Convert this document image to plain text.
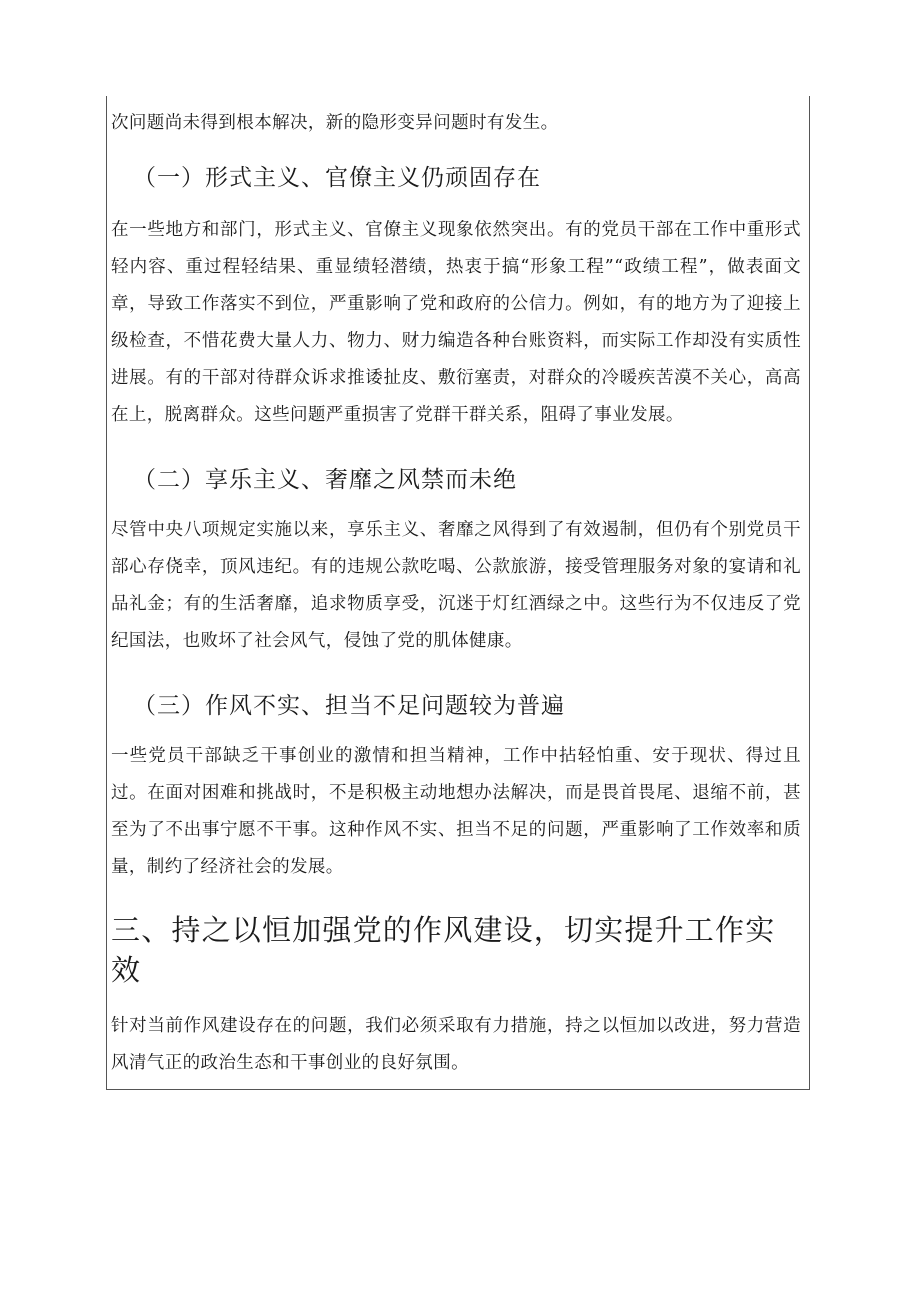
次问题尚未得到根本解决，新的隐形变异问题时有发生。

（一）形式主义、官僚主义仍顽固存在

在一些地方和部门，形式主义、官僚主义现象依然突出。有的党员干部在工作中重形式轻内容、重过程轻结果、重显绩轻潜绩，热衷于搞“形象工程”“政绩工程”，做表面文章，导致工作落实不到位，严重影响了党和政府的公信力。例如，有的地方为了迎接上级检查，不惜花费大量人力、物力、财力编造各种台账资料，而实际工作却没有实质性进展。有的干部对待群众诉求推诿扯皮、敷衍塞责，对群众的冷暖疾苦漠不关心，高高在上，脱离群众。这些问题严重损害了党群干群关系，阻碍了事业发展。

（二）享乐主义、奢靡之风禁而未绝

尽管中央八项规定实施以来，享乐主义、奢靡之风得到了有效遏制，但仍有个别党员干部心存侥幸，顶风违纪。有的违规公款吃喝、公款旅游，接受管理服务对象的宴请和礼品礼金；有的生活奢靡，追求物质享受，沉迷于灯红酒绿之中。这些行为不仅违反了党纪国法，也败坏了社会风气，侵蚀了党的肌体健康。

（三）作风不实、担当不足问题较为普遍

一些党员干部缺乏干事创业的激情和担当精神，工作中拈轻怕重、安于现状、得过且过。在面对困难和挑战时，不是积极主动地想办法解决，而是畏首畏尾、退缩不前，甚至为了不出事宁愿不干事。这种作风不实、担当不足的问题，严重影响了工作效率和质量，制约了经济社会的发展。

三、持之以恒加强党的作风建设，切实提升工作实效

针对当前作风建设存在的问题，我们必须采取有力措施，持之以恒加以改进，努力营造风清气正的政治生态和干事创业的良好氛围。
